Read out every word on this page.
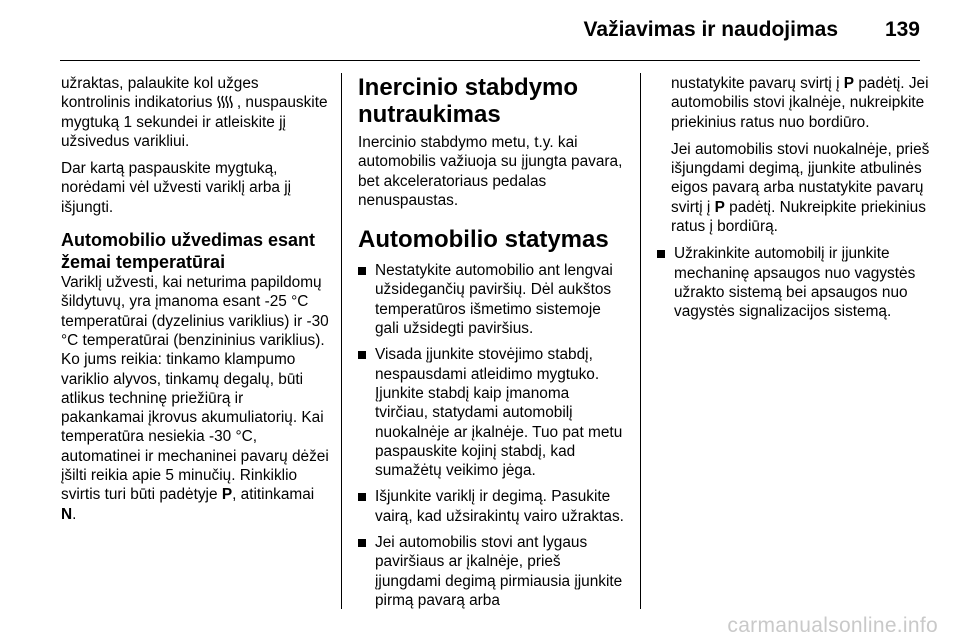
Važiavimas ir naudojimas 139

užraktas, palaukite kol užges kontrolinis indikatorius , nuspauskite mygtuką 1 sekundei ir atleiskite jį užsivedus varikliui.

Dar kartą paspauskite mygtuką, norėdami vėl užvesti variklį arba jį išjungti.

Automobilio užvedimas esant žemai temperatūrai

Variklį užvesti, kai neturima papildomų šildytuvų, yra įmanoma esant -25 °C temperatūrai (dyzelinius variklius) ir -30 °C temperatūrai (benzininius variklius). Ko jums reikia: tinkamo klampumo variklio alyvos, tinkamų degalų, būti atlikus techninę priežiūrą ir pakankamai įkrovus akumuliatorių. Kai temperatūra nesiekia -30 °C, automatinei ir mechaninei pavarų dėžei įšilti reikia apie 5 minučių. Rinkiklio svirtis turi būti padėtyje P, atitinkamai N.

Inercinio stabdymo nutraukimas

Inercinio stabdymo metu, t.y. kai automobilis važiuoja su įjungta pavara, bet akceleratoriaus pedalas nenuspaustas.

Automobilio statymas
Nestatykite automobilio ant lengvai užsidegančių paviršių. Dėl aukštos temperatūros išmetimo sistemoje gali užsidegti paviršius.
Visada įjunkite stovėjimo stabdį, nespausdami atleidimo mygtuko. Įjunkite stabdį kaip įmanoma tvirčiau, statydami automobilį nuokalnėje ar įkalnėje. Tuo pat metu paspauskite kojinį stabdį, kad sumažėtų veikimo jėga.
Išjunkite variklį ir degimą. Pasukite vairą, kad užsirakintų vairo užraktas.
Jei automobilis stovi ant lygaus paviršiaus ar įkalnėje, prieš įjungdami degimą pirmiausia įjunkite pirmą pavarą arba

nustatykite pavarų svirtį į P padėtį. Jei automobilis stovi įkalnėje, nukreipkite priekinius ratus nuo bordiūro.

Jei automobilis stovi nuokalnėje, prieš išjungdami degimą, įjunkite atbulinės eigos pavarą arba nustatykite pavarų svirtį į P padėtį. Nukreipkite priekinius ratus į bordiūrą.

Užrakinkite automobilį ir įjunkite mechaninę apsaugos nuo vagystės užrakto sistemą bei apsaugos nuo vagystės signalizacijos sistemą.
carmanualsonline.info
